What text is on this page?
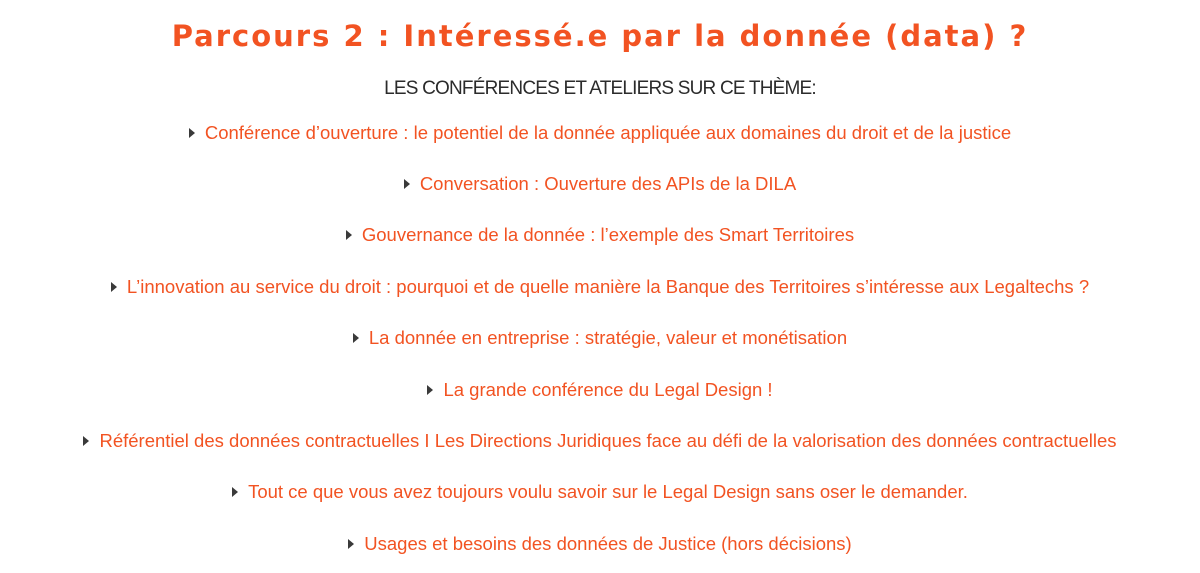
Parcours 2 : Intéressé.e par la donnée (data) ?

LES CONFÉRENCES ET ATELIERS SUR CE THÈME:

Conférence d’ouverture : le potentiel de la donnée appliquée aux domaines du droit et de la justice
Conversation : Ouverture des APIs de la DILA
Gouvernance de la donnée : l’exemple des Smart Territoires
L’innovation au service du droit : pourquoi et de quelle manière la Banque des Territoires s’intéresse aux Legaltechs ?
La donnée en entreprise : stratégie, valeur et monétisation
La grande conférence du Legal Design !
Référentiel des données contractuelles I Les Directions Juridiques face au défi de la valorisation des données contractuelles
Tout ce que vous avez toujours voulu savoir sur le Legal Design sans oser le demander.
Usages et besoins des données de Justice (hors décisions)
